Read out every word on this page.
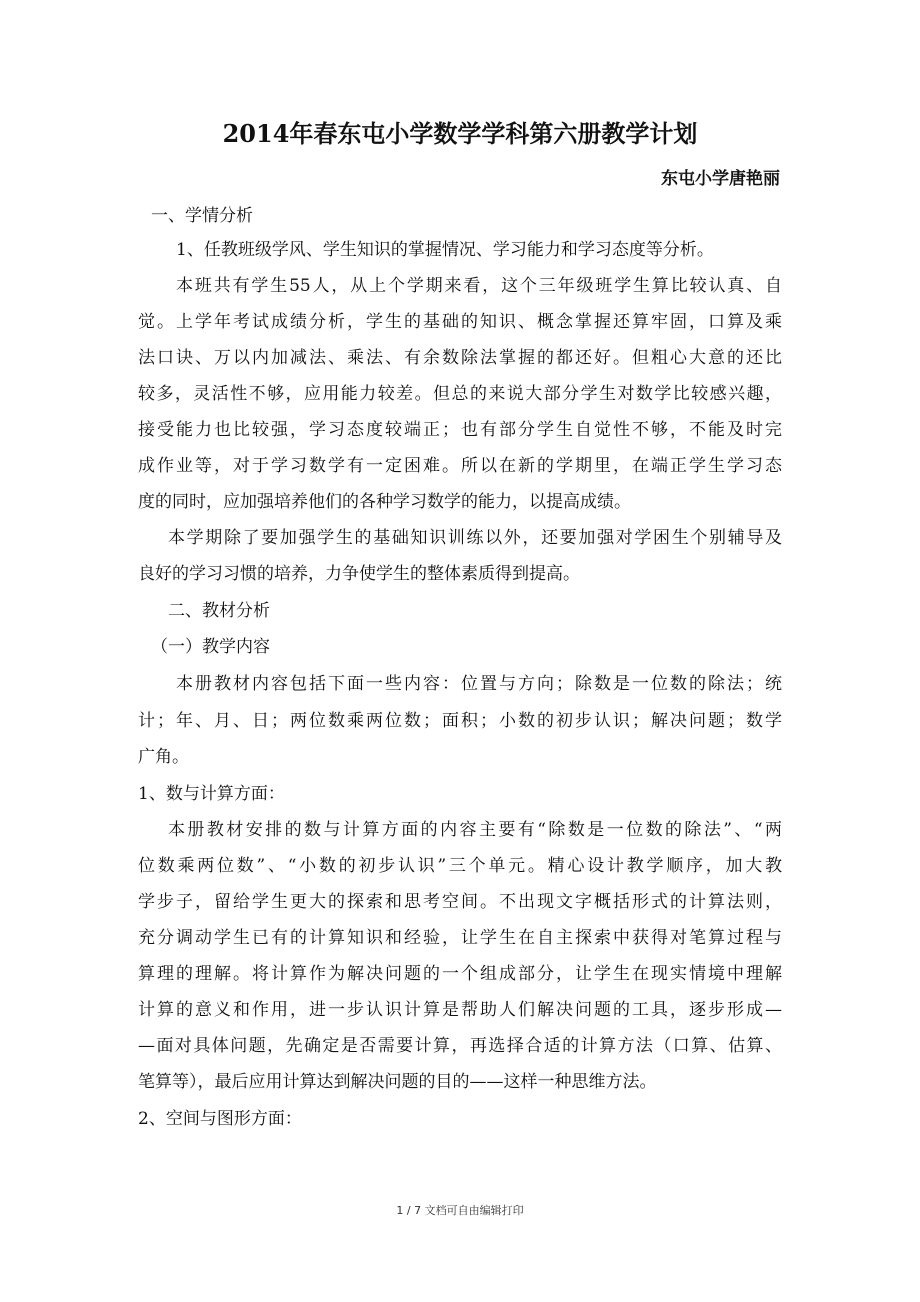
2014年春东屯小学数学学科第六册教学计划
东屯小学唐艳丽
一、学情分析
1、任教班级学风、学生知识的掌握情况、学习能力和学习态度等分析。
本班共有学生55人，从上个学期来看，这个三年级班学生算比较认真、自
觉。上学年考试成绩分析，学生的基础的知识、概念掌握还算牢固，口算及乘
法口诀、万以内加减法、乘法、有余数除法掌握的都还好。但粗心大意的还比
较多，灵活性不够，应用能力较差。但总的来说大部分学生对数学比较感兴趣，
接受能力也比较强，学习态度较端正；也有部分学生自觉性不够，不能及时完
成作业等，对于学习数学有一定困难。所以在新的学期里，在端正学生学习态
度的同时，应加强培养他们的各种学习数学的能力，以提高成绩。
本学期除了要加强学生的基础知识训练以外，还要加强对学困生个别辅导及
良好的学习习惯的培养，力争使学生的整体素质得到提高。
二、教材分析
（一）教学内容
本册教材内容包括下面一些内容：位置与方向；除数是一位数的除法；统
计；年、月、日；两位数乘两位数；面积；小数的初步认识；解决问题；数学
广角。
1、数与计算方面：
本册教材安排的数与计算方面的内容主要有“除数是一位数的除法”、“两
位数乘两位数”、“小数的初步认识”三个单元。精心设计教学顺序，加大教
学步子，留给学生更大的探索和思考空间。不出现文字概括形式的计算法则，
充分调动学生已有的计算知识和经验，让学生在自主探索中获得对笔算过程与
算理的理解。将计算作为解决问题的一个组成部分，让学生在现实情境中理解
计算的意义和作用，进一步认识计算是帮助人们解决问题的工具，逐步形成—
—面对具体问题，先确定是否需要计算，再选择合适的计算方法（口算、估算、
笔算等），最后应用计算达到解决问题的目的——这样一种思维方法。
2、空间与图形方面：
1 / 7 文档可自由编辑打印
